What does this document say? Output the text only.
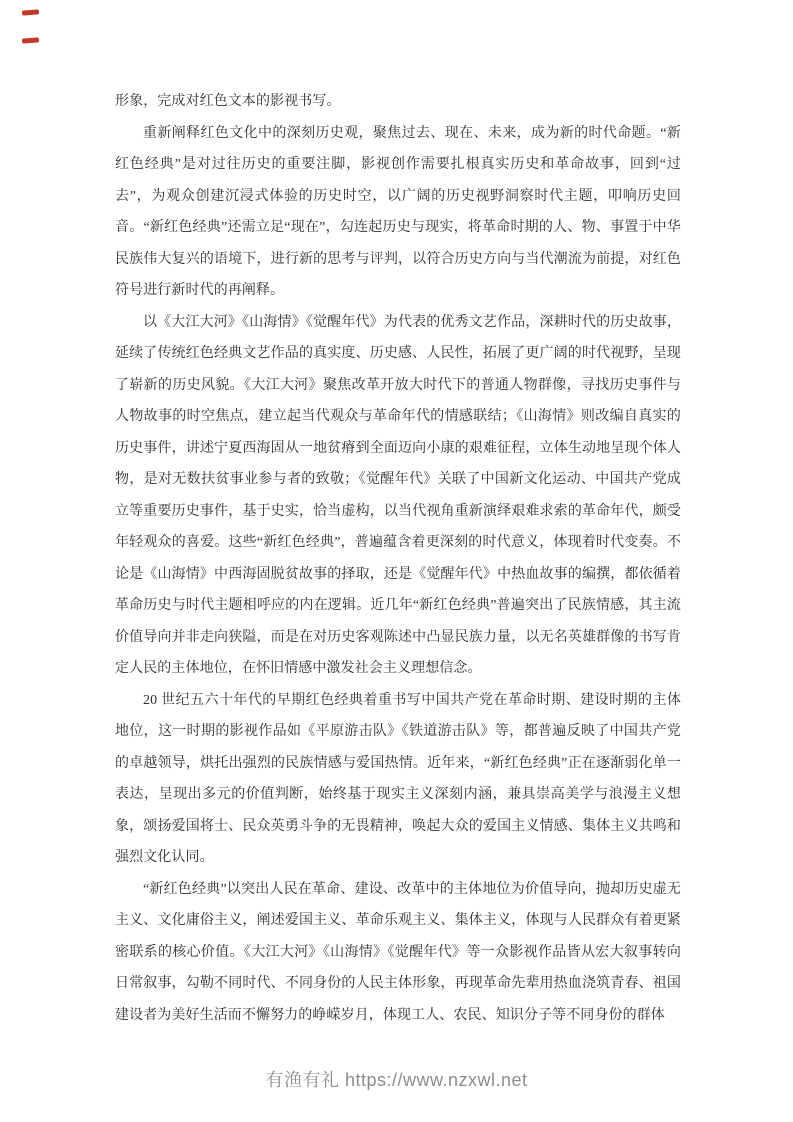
形象，完成对红色文本的影视书写。

重新阐释红色文化中的深刻历史观，聚焦过去、现在、未来，成为新的时代命题。“新红色经典”是对过往历史的重要注脚，影视创作需要扎根真实历史和革命故事，回到“过去”，为观众创建沉浸式体验的历史时空，以广阔的历史视野洞察时代主题，叩响历史回音。“新红色经典”还需立足“现在”，勾连起历史与现实，将革命时期的人、物、事置于中华民族伟大复兴的语境下，进行新的思考与评判，以符合历史方向与当代潮流为前提，对红色符号进行新时代的再阐释。

以《大江大河》《山海情》《觉醒年代》为代表的优秀文艺作品，深耕时代的历史故事，延续了传统红色经典文艺作品的真实度、历史感、人民性，拓展了更广阔的时代视野，呈现了崭新的历史风貌。《大江大河》聚焦改革开放大时代下的普通人物群像，寻找历史事件与人物故事的时空焦点，建立起当代观众与革命年代的情感联结；《山海情》则改编自真实的历史事件，讲述宁夏西海固从一地贫瘠到全面迈向小康的艰难征程，立体生动地呈现个体人物，是对无数扶贫事业参与者的致敬；《觉醒年代》关联了中国新文化运动、中国共产党成立等重要历史事件，基于史实，恰当虚构，以当代视角重新演绎艰难求索的革命年代，颇受年轻观众的喜爱。这些“新红色经典”，普遍蕴含着更深刻的时代意义，体现着时代变奏。不论是《山海情》中西海固脱贫故事的择取，还是《觉醒年代》中热血故事的编撰，都依循着革命历史与时代主题相呼应的内在逻辑。近几年“新红色经典”普遍突出了民族情感，其主流价值导向并非走向狭隘，而是在对历史客观陈述中凸显民族力量，以无名英雄群像的书写肯定人民的主体地位，在怀旧情感中激发社会主义理想信念。

20 世纪五六十年代的早期红色经典着重书写中国共产党在革命时期、建设时期的主体地位，这一时期的影视作品如《平原游击队》《铁道游击队》等，都普遍反映了中国共产党的卓越领导，烘托出强烈的民族情感与爱国热情。近年来，“新红色经典”正在逐渐弱化单一表达，呈现出多元的价值判断，始终基于现实主义深刻内涵，兼具崇高美学与浪漫主义想象，颂扬爱国将士、民众英勇斗争的无畏精神，唤起大众的爱国主义情感、集体主义共鸣和强烈文化认同。

“新红色经典”以突出人民在革命、建设、改革中的主体地位为价值导向，抛却历史虚无主义、文化庸俗主义，阐述爱国主义、革命乐观主义、集体主义，体现与人民群众有着更紧密联系的核心价值。《大江大河》《山海情》《觉醒年代》等一众影视作品皆从宏大叙事转向日常叙事，勾勒不同时代、不同身份的人民主体形象，再现革命先辈用热血浇筑青春、祖国建设者为美好生活而不懈努力的峥嵘岁月，体现工人、农民、知识分子等不同身份的群体

有渔有礼 https://www.nzxwl.net
